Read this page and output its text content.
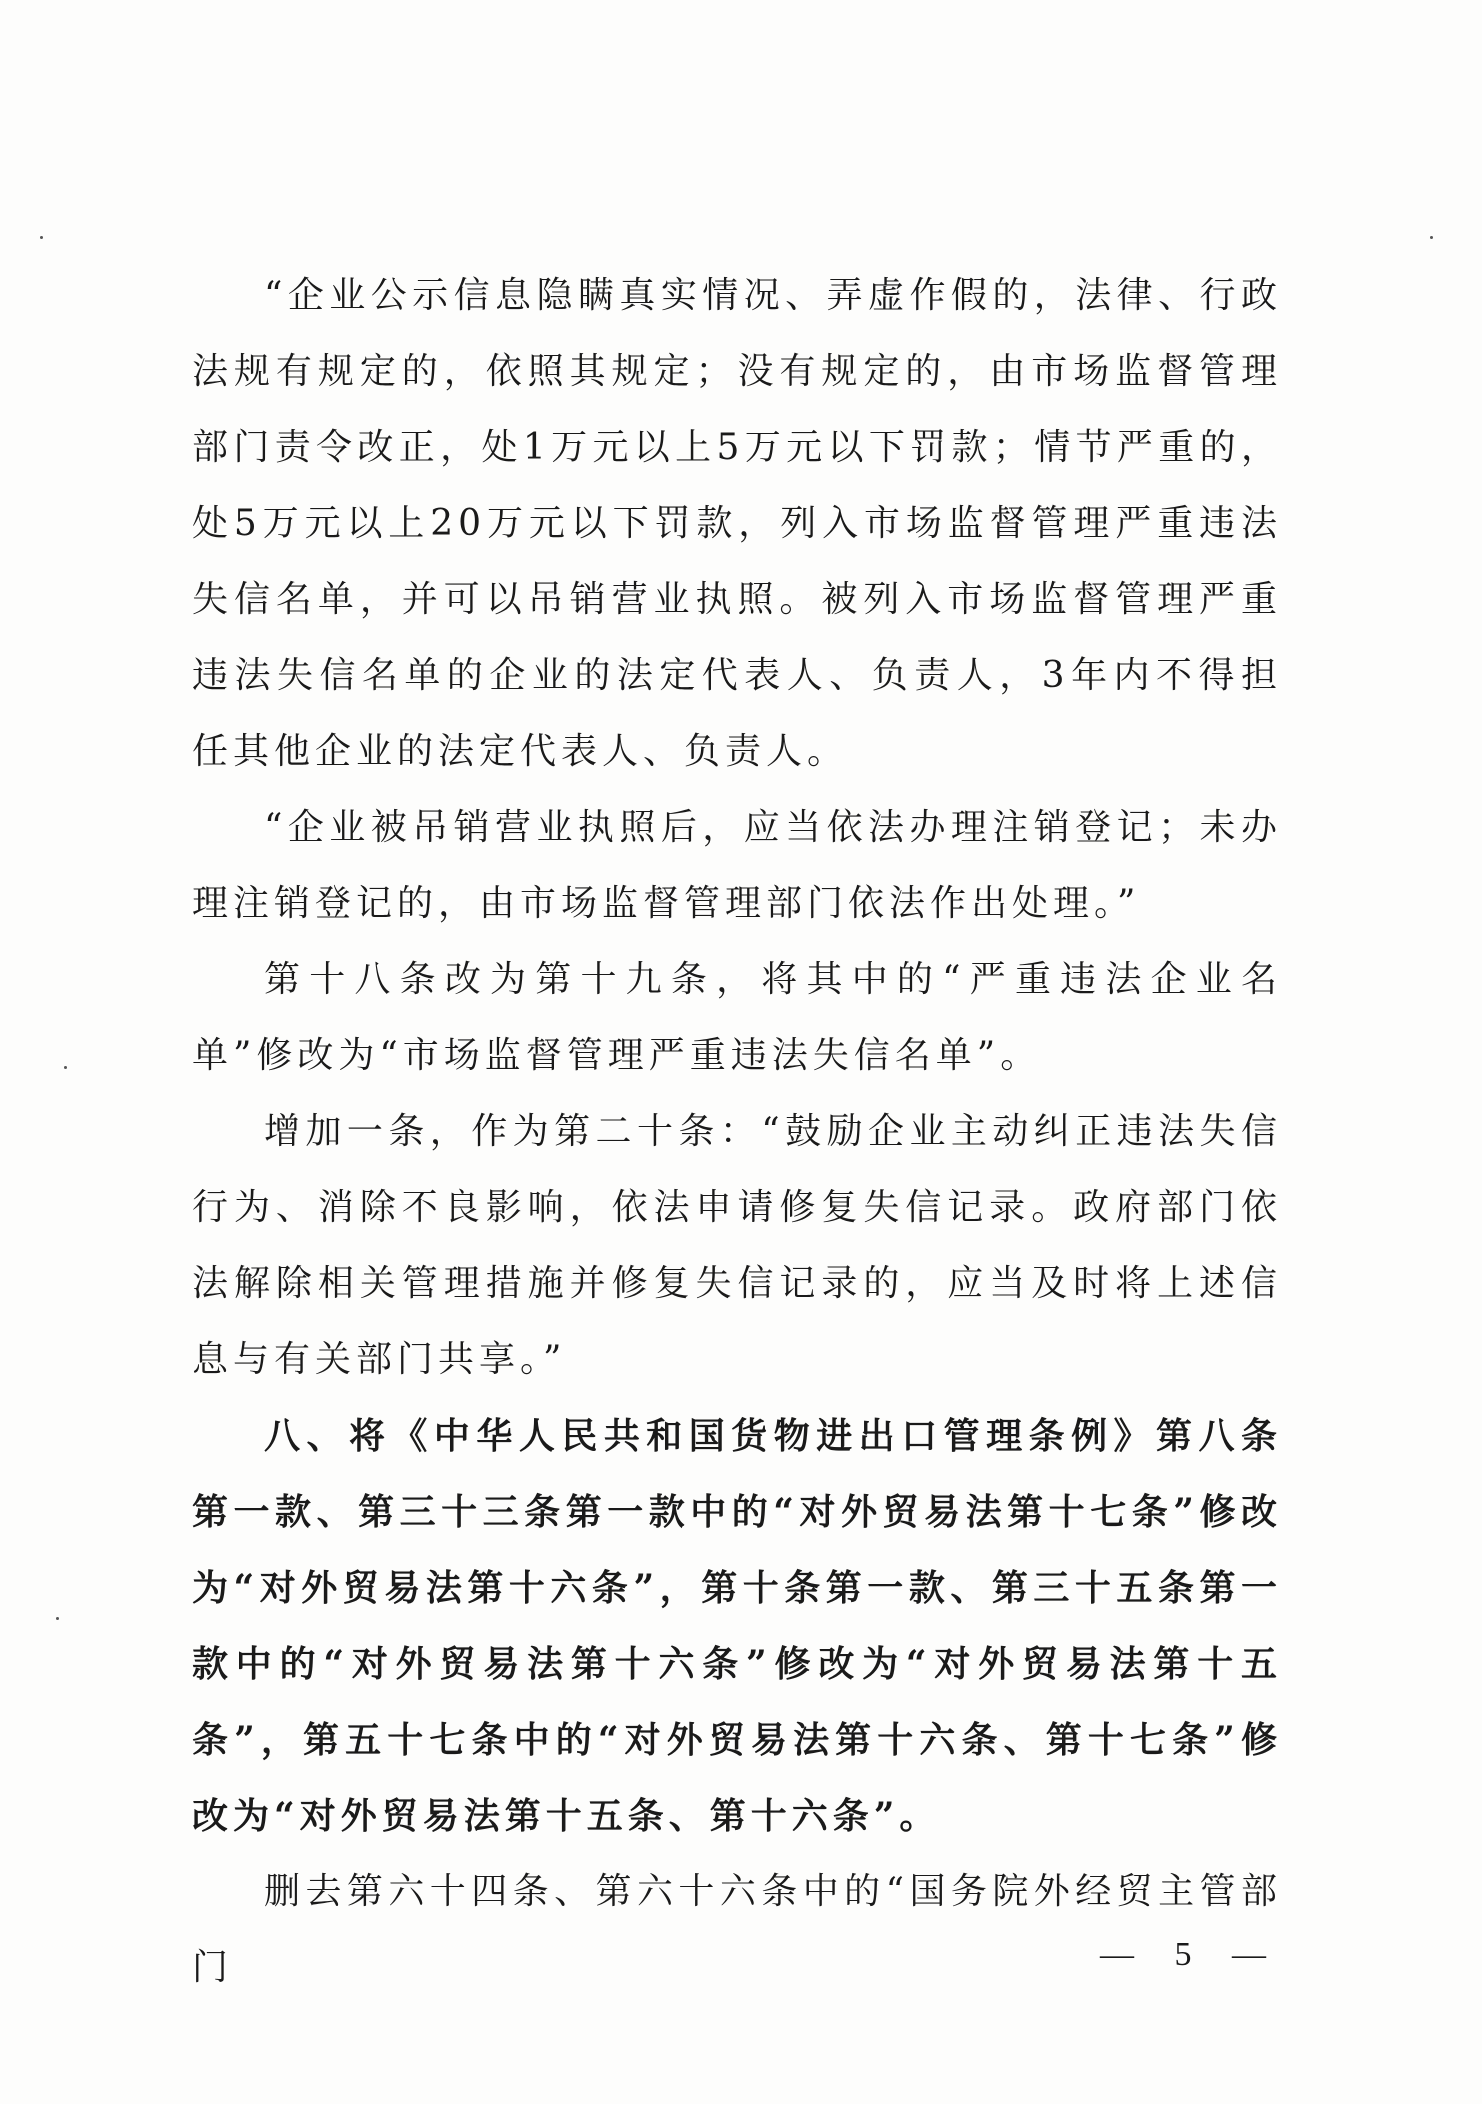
“企业公示信息隐瞒真实情况、弄虚作假的，法律、行政法规有规定的，依照其规定；没有规定的，由市场监督管理部门责令改正，处1万元以上5万元以下罚款；情节严重的，处5万元以上20万元以下罚款，列入市场监督管理严重违法失信名单，并可以吊销营业执照。被列入市场监督管理严重违法失信名单的企业的法定代表人、负责人，3年内不得担任其他企业的法定代表人、负责人。

“企业被吊销营业执照后，应当依法办理注销登记；未办理注销登记的，由市场监督管理部门依法作出处理。”

第十八条改为第十九条，将其中的“严重违法企业名单”修改为“市场监督管理严重违法失信名单”。

增加一条，作为第二十条：“鼓励企业主动纠正违法失信行为、消除不良影响，依法申请修复失信记录。政府部门依法解除相关管理措施并修复失信记录的，应当及时将上述信息与有关部门共享。”

八、将《中华人民共和国货物进出口管理条例》第八条第一款、第三十三条第一款中的“对外贸易法第十七条”修改为“对外贸易法第十六条”，第十条第一款、第三十五条第一款中的“对外贸易法第十六条”修改为“对外贸易法第十五条”，第五十七条中的“对外贸易法第十六条、第十七条”修改为“对外贸易法第十五条、第十六条”。

删去第六十四条、第六十六条中的“国务院外经贸主管部门	— 5 —
